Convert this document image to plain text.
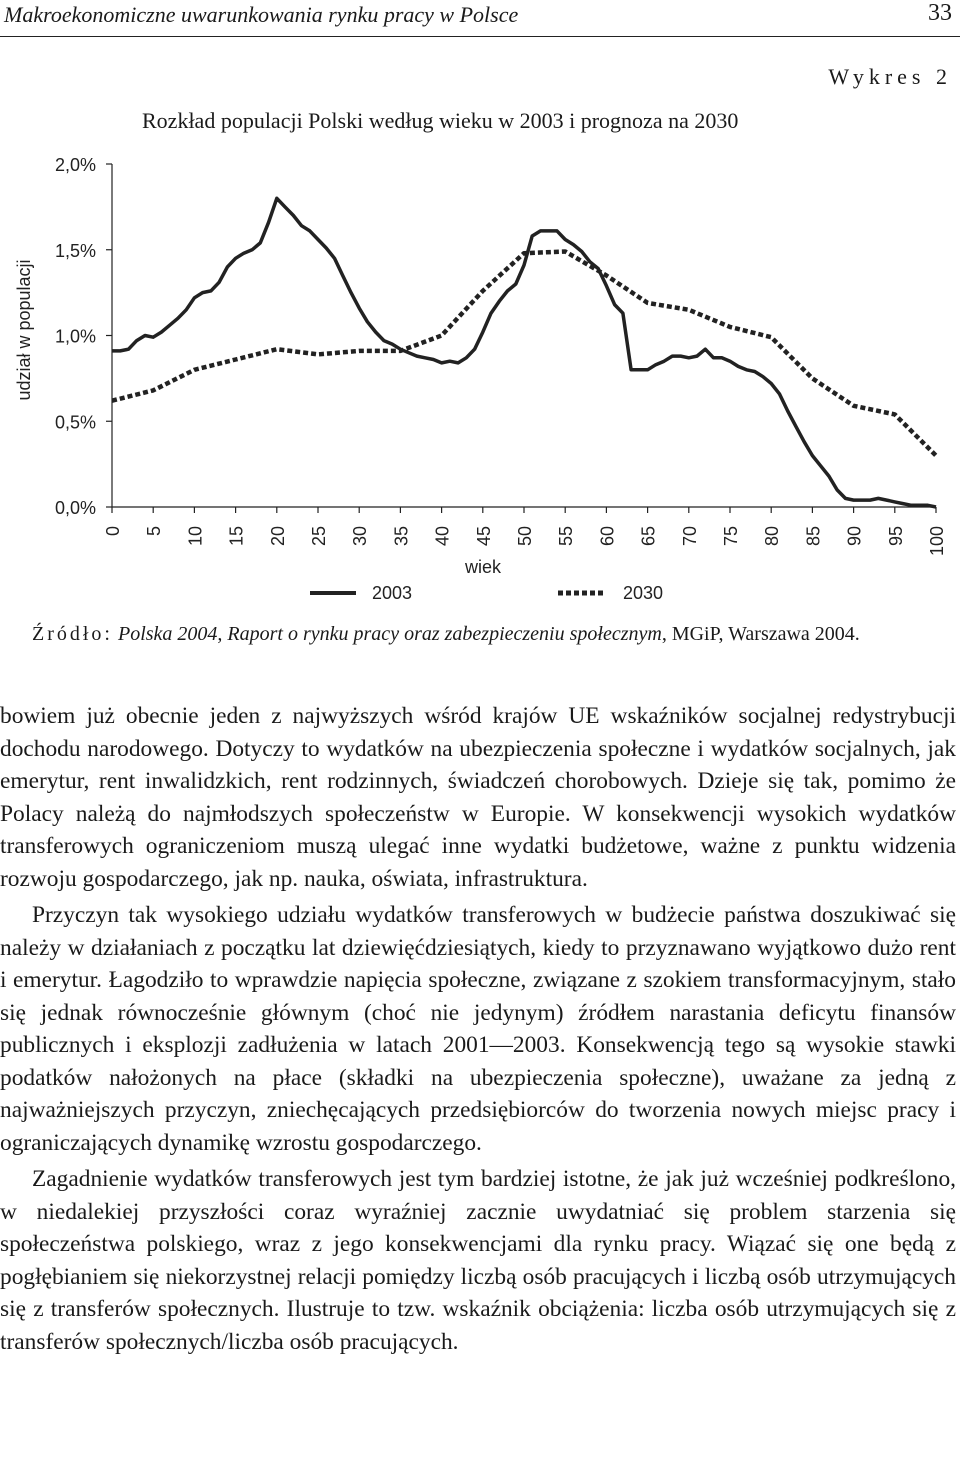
Makroekonomiczne uwarunkowania rynku pracy w Polsce	33
Wykres 2
Rozkład populacji Polski według wieku w 2003 i prognoza na 2030
0,0%
0,5%
1,0%
1,5%
2,0%
0 5 10 15 20 25 30 35 40 45 50 55 60 65 70 75 80 85 90 95 100
wiek
udział w populacji
2003	2030
Źródło: Polska 2004, Raport o rynku pracy oraz zabezpieczeniu społecznym, MGiP, Warszawa 2004.

bowiem już obecnie jeden z najwyższych wśród krajów UE wskaźników socjalnej redystrybucji dochodu narodowego. Dotyczy to wydatków na ubezpieczenia społeczne i wydatków socjalnych, jak emerytur, rent inwalidzkich, rent rodzinnych, świadczeń chorobowych. Dzieje się tak, pomimo że Polacy należą do najmłodszych społeczeństw w Europie. W konsekwencji wysokich wydatków transferowych ograniczeniom muszą ulegać inne wydatki budżetowe, ważne z punktu widzenia rozwoju gospodarczego, jak np. nauka, oświata, infrastruktura.

Przyczyn tak wysokiego udziału wydatków transferowych w budżecie państwa doszukiwać się należy w działaniach z początku lat dziewięćdziesiątych, kiedy to przyznawano wyjątkowo dużo rent i emerytur. Łagodziło to wprawdzie napięcia społeczne, związane z szokiem transformacyjnym, stało się jednak równocześnie głównym (choć nie jedynym) źródłem narastania deficytu finansów publicznych i eksplozji zadłużenia w latach 2001—2003. Konsekwencją tego są wysokie stawki podatków nałożonych na płace (składki na ubezpieczenia społeczne), uważane za jedną z najważniejszych przyczyn, zniechęcających przedsiębiorców do tworzenia nowych miejsc pracy i ograniczających dynamikę wzrostu gospodarczego.

Zagadnienie wydatków transferowych jest tym bardziej istotne, że jak już wcześniej podkreślono, w niedalekiej przyszłości coraz wyraźniej zacznie uwydatniać się problem starzenia się społeczeństwa polskiego, wraz z jego konsekwencjami dla rynku pracy. Wiązać się one będą z pogłębianiem się niekorzystnej relacji pomiędzy liczbą osób pracujących i liczbą osób utrzymujących się z transferów społecznych. Ilustruje to tzw. wskaźnik obciążenia: liczba osób utrzymujących się z transferów społecznych/liczba osób pracujących.
